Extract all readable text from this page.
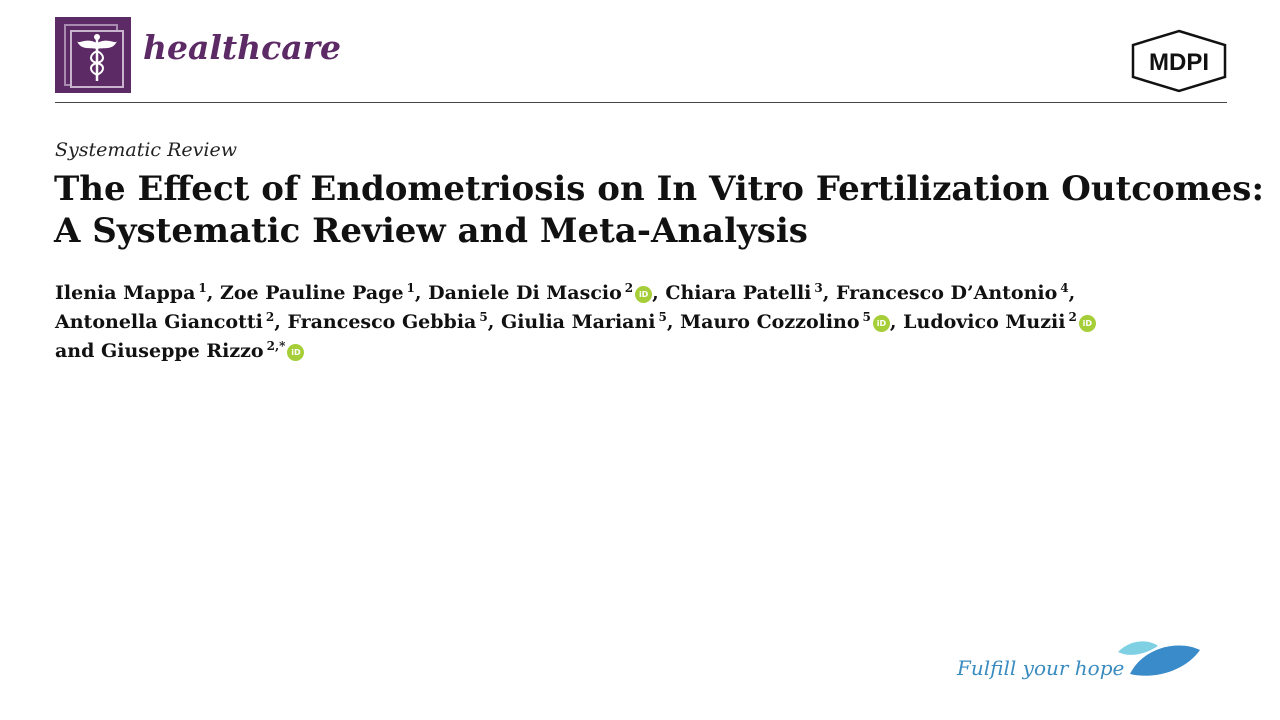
healthcare	MDPI
Systematic Review
The Effect of Endometriosis on In Vitro Fertilization Outcomes:
A Systematic Review and Meta-Analysis
Ilenia Mappa $^1$, Zoe Pauline Page $^1$, Daniele Di Mascio $^2$ iD , Chiara Patelli $^3$, Francesco D’Antonio $^4$,
Antonella Giancotti $^2$, Francesco Gebbia $^5$, Giulia Mariani $^5$, Mauro Cozzolino $^5$ iD , Ludovico Muzii $^2$ iD
and Giuseppe Rizzo $^{2,*}$ iD
Fulfill your hope
